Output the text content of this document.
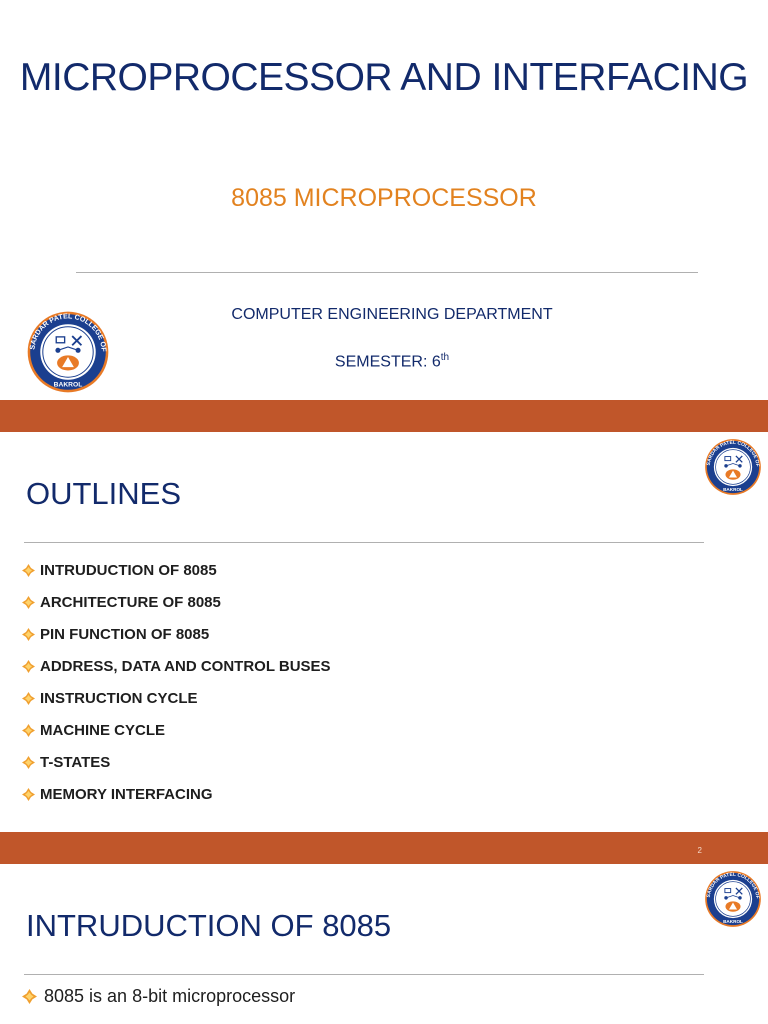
MICROPROCESSOR AND INTERFACING
8085 MICROPROCESSOR
COMPUTER ENGINEERING DEPARTMENT
SEMESTER: 6th
OUTLINES
INTRUDUCTION OF 8085
ARCHITECTURE OF 8085
PIN FUNCTION OF 8085
ADDRESS, DATA AND CONTROL BUSES
INSTRUCTION CYCLE
MACHINE CYCLE
T-STATES
MEMORY INTERFACING
2
INTRUDUCTION OF 8085
8085 is an 8-bit microprocessor
